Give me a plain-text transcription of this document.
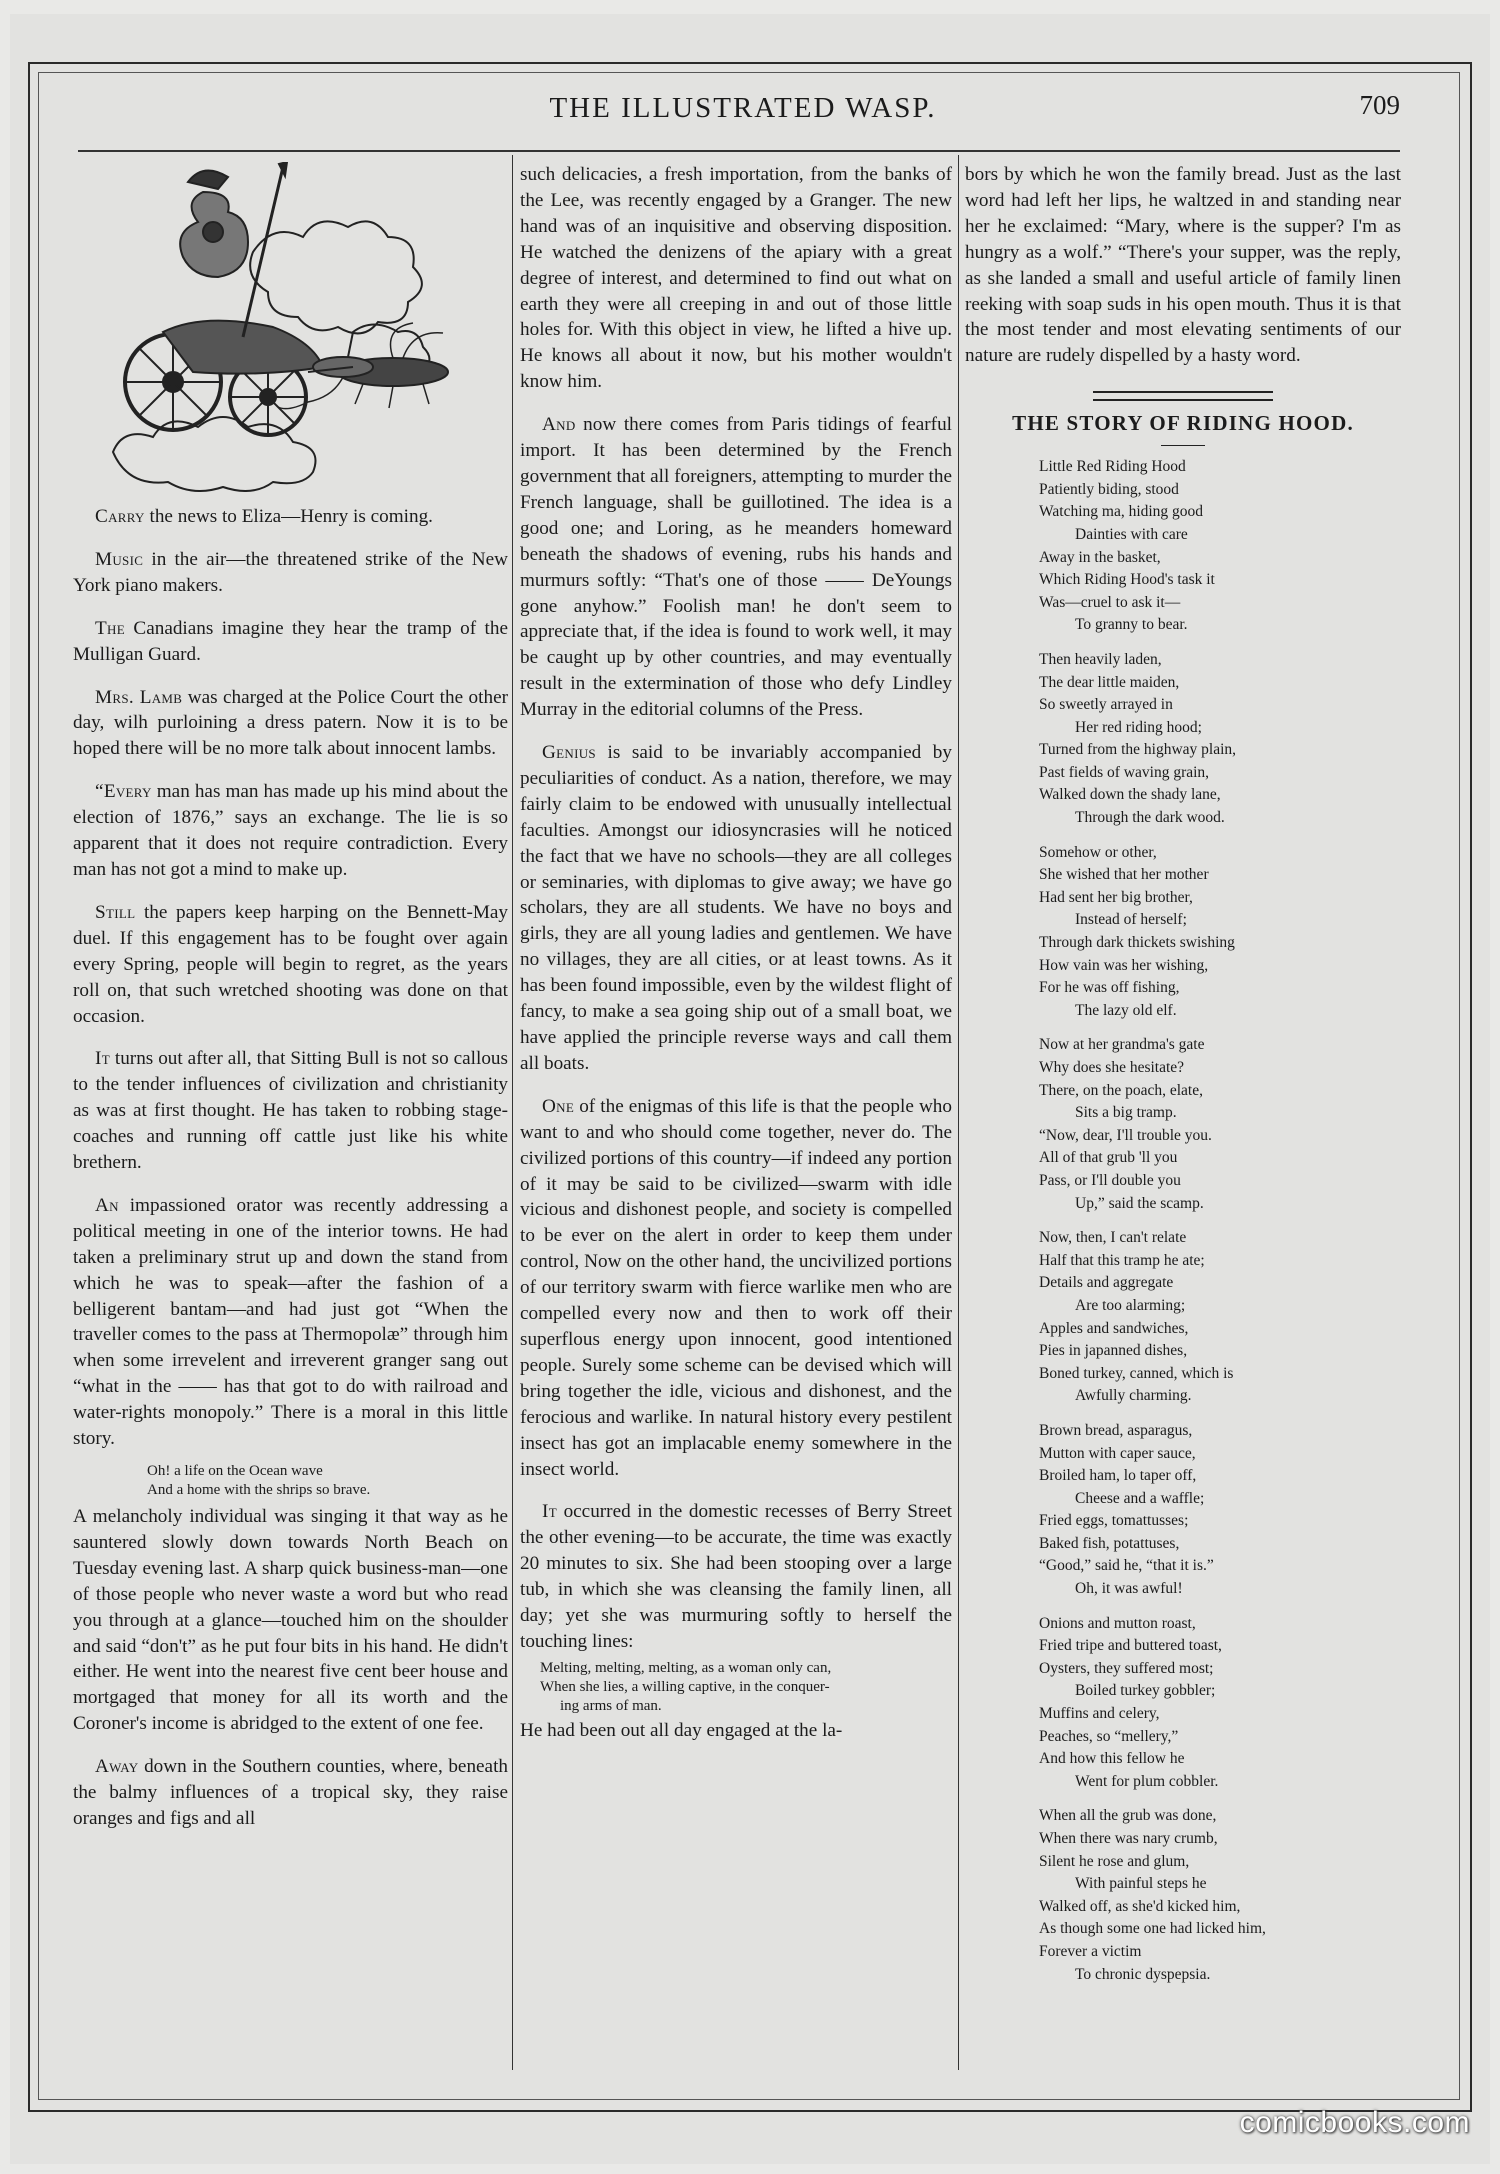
THE ILLUSTRATED WASP.	709

Carry the news to Eliza—Henry is coming.

Music in the air—the threatened strike of the New York piano makers.

The Canadians imagine they hear the tramp of the Mulligan Guard.

Mrs. Lamb was charged at the Police Court the other day, wilh purloining a dress patern. Now it is to be hoped there will be no more talk about innocent lambs.

“Every man has man has made up his mind about the election of 1876,” says an exchange. The lie is so apparent that it does not require contradiction. Every man has not got a mind to make up.

Still the papers keep harping on the Bennett-May duel. If this engagement has to be fought over again every Spring, people will begin to regret, as the years roll on, that such wretched shooting was done on that occasion.

It turns out after all, that Sitting Bull is not so callous to the tender influences of civilization and christianity as was at first thought. He has taken to robbing stage-coaches and running off cattle just like his white brethern.

An impassioned orator was recently addressing a political meeting in one of the interior towns. He had taken a preliminary strut up and down the stand from which he was to speak—after the fashion of a belligerent bantam—and had just got “When the traveller comes to the pass at Thermopolæ” through him when some irrevelent and irreverent granger sang out “what in the —— has that got to do with railroad and water-rights monopoly.” There is a moral in this little story.

Oh! a life on the Ocean wave
And a home with the shrips so brave.

A melancholy individual was singing it that way as he sauntered slowly down towards North Beach on Tuesday evening last. A sharp quick business-man—one of those people who never waste a word but who read you through at a glance—touched him on the shoulder and said “don't” as he put four bits in his hand. He didn't either. He went into the nearest five cent beer house and mortgaged that money for all its worth and the Coroner's income is abridged to the extent of one fee.

Away down in the Southern counties, where, beneath the balmy influences of a tropical sky, they raise oranges and figs and all

such delicacies, a fresh importation, from the banks of the Lee, was recently engaged by a Granger. The new hand was of an inquisitive and observing disposition. He watched the denizens of the apiary with a great degree of interest, and determined to find out what on earth they were all creeping in and out of those little holes for. With this object in view, he lifted a hive up. He knows all about it now, but his mother wouldn't know him.

And now there comes from Paris tidings of fearful import. It has been determined by the French government that all foreigners, attempting to murder the French language, shall be guillotined. The idea is a good one; and Loring, as he meanders homeward beneath the shadows of evening, rubs his hands and murmurs softly: “That's one of those —— DeYoungs gone anyhow.” Foolish man! he don't seem to appreciate that, if the idea is found to work well, it may be caught up by other countries, and may eventually result in the extermination of those who defy Lindley Murray in the editorial columns of the Press.

Genius is said to be invariably accompanied by peculiarities of conduct. As a nation, therefore, we may fairly claim to be endowed with unusually intellectual faculties. Amongst our idiosyncrasies will he noticed the fact that we have no schools—they are all colleges or seminaries, with diplomas to give away; we have go scholars, they are all students. We have no boys and girls, they are all young ladies and gentlemen. We have no villages, they are all cities, or at least towns. As it has been found impossible, even by the wildest flight of fancy, to make a sea going ship out of a small boat, we have applied the principle reverse ways and call them all boats.

One of the enigmas of this life is that the people who want to and who should come together, never do. The civilized portions of this country—if indeed any portion of it may be said to be civilized—swarm with idle vicious and dishonest people, and society is compelled to be ever on the alert in order to keep them under control, Now on the other hand, the uncivilized portions of our territory swarm with fierce warlike men who are compelled every now and then to work off their superflous energy upon innocent, good intentioned people. Surely some scheme can be devised which will bring together the idle, vicious and dishonest, and the ferocious and warlike. In natural history every pestilent insect has got an implacable enemy somewhere in the insect world.

It occurred in the domestic recesses of Berry Street the other evening—to be accurate, the time was exactly 20 minutes to six. She had been stooping over a large tub, in which she was cleansing the family linen, all day; yet she was murmuring softly to herself the touching lines:

Melting, melting, melting, as a woman only can,
When she lies, a willing captive, in the conquer-
ing arms of man.

He had been out all day engaged at the la-

bors by which he won the family bread. Just as the last word had left her lips, he waltzed in and standing near her he exclaimed: “Mary, where is the supper? I'm as hungry as a wolf.” “There's your supper, was the reply, as she landed a small and useful article of family linen reeking with soap suds in his open mouth. Thus it is that the most tender and most elevating sentiments of our nature are rudely dispelled by a hasty word.

THE STORY OF RIDING HOOD.
Little Red Riding Hood
Patiently biding, stood
Watching ma, hiding good
Dainties with care
Away in the basket,
Which Riding Hood's task it
Was—cruel to ask it—
To granny to bear.
Then heavily laden,
The dear little maiden,
So sweetly arrayed in
Her red riding hood;
Turned from the highway plain,
Past fields of waving grain,
Walked down the shady lane,
Through the dark wood.
Somehow or other,
She wished that her mother
Had sent her big brother,
Instead of herself;
Through dark thickets swishing
How vain was her wishing,
For he was off fishing,
The lazy old elf.
Now at her grandma's gate
Why does she hesitate?
There, on the poach, elate,
Sits a big tramp.
“Now, dear, I'll trouble you.
All of that grub 'll you
Pass, or I'll double you
Up,” said the scamp.
Now, then, I can't relate
Half that this tramp he ate;
Details and aggregate
Are too alarming;
Apples and sandwiches,
Pies in japanned dishes,
Boned turkey, canned, which is
Awfully charming.
Brown bread, asparagus,
Mutton with caper sauce,
Broiled ham, lo taper off,
Cheese and a waffle;
Fried eggs, tomattusses;
Baked fish, potattuses,
“Good,” said he, “that it is.”
Oh, it was awful!
Onions and mutton roast,
Fried tripe and buttered toast,
Oysters, they suffered most;
Boiled turkey gobbler;
Muffins and celery,
Peaches, so “mellery,”
And how this fellow he
Went for plum cobbler.
When all the grub was done,
When there was nary crumb,
Silent he rose and glum,
With painful steps he
Walked off, as she'd kicked him,
As though some one had licked him,
Forever a victim
To chronic dyspepsia.
comicbooks.com
